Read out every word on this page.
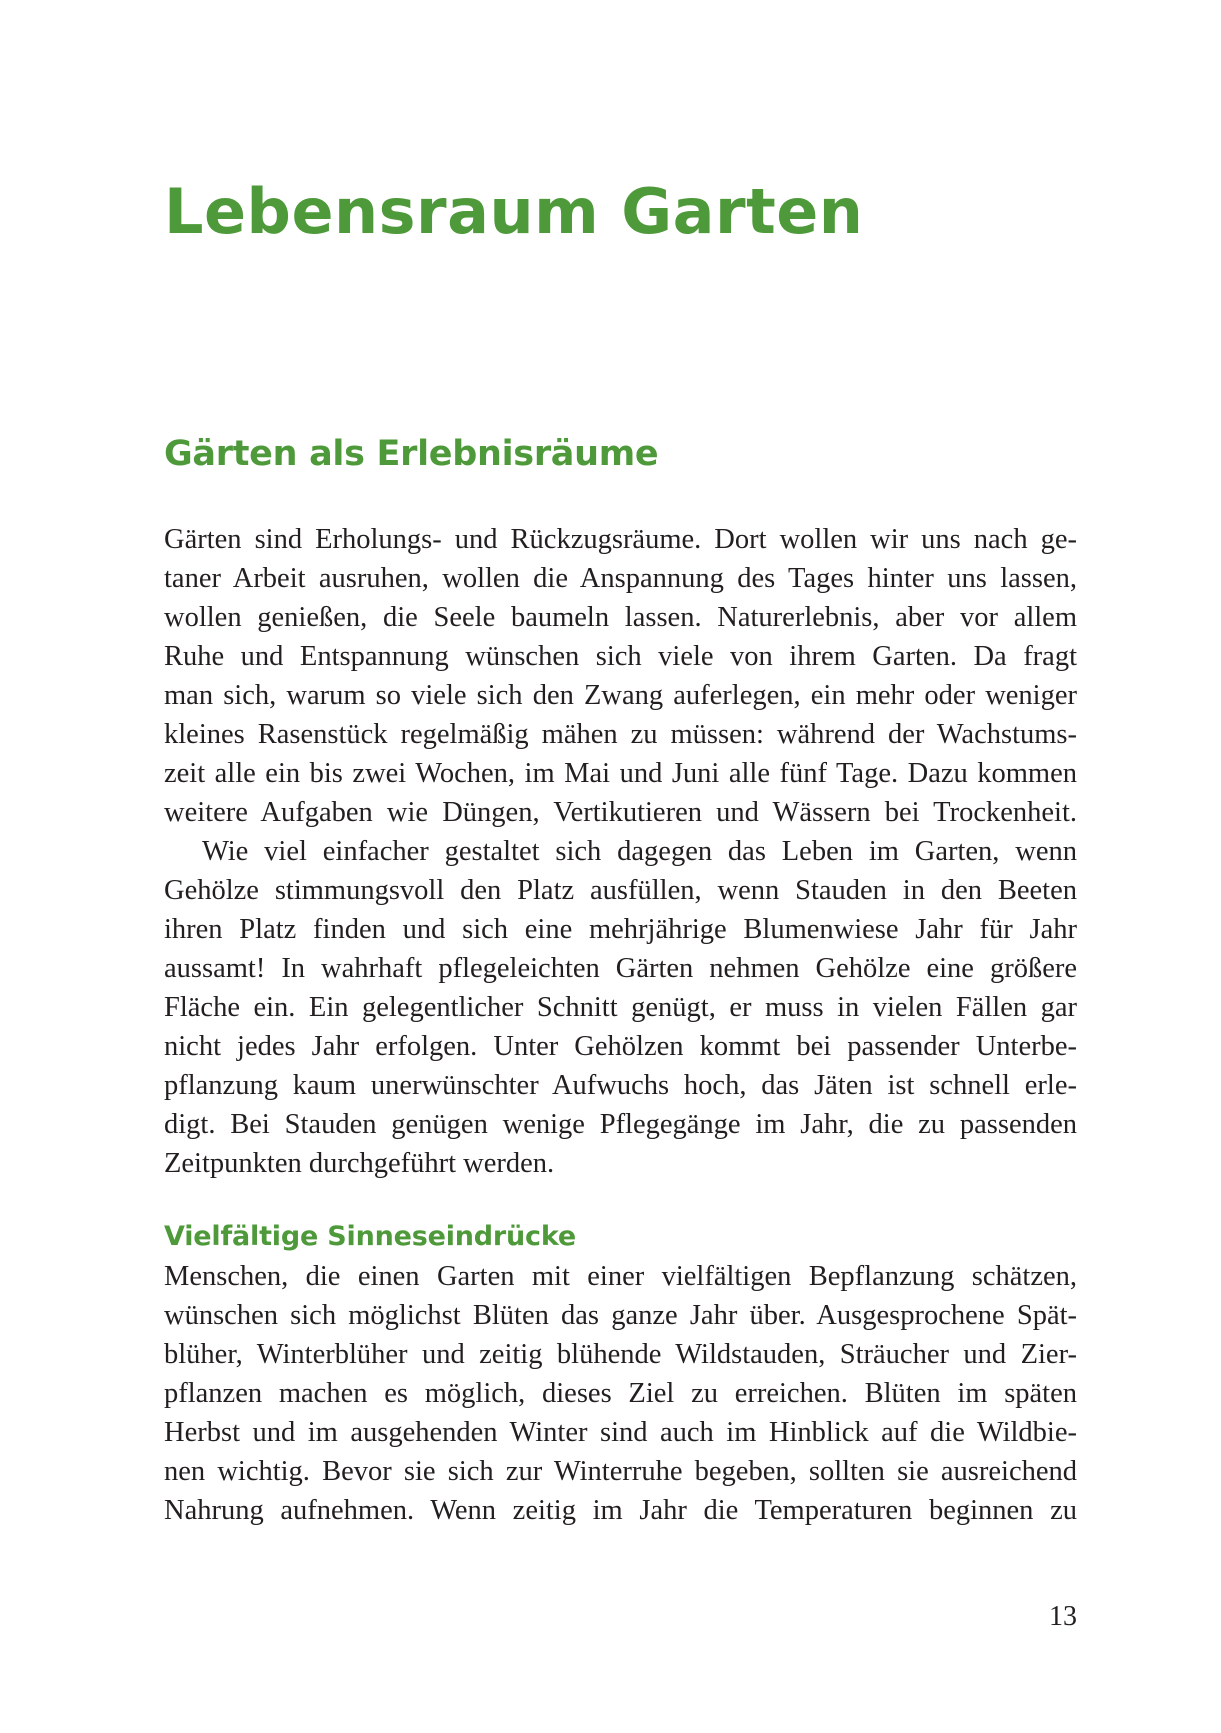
Lebensraum Garten
Gärten als Erlebnisräume

Gärten sind Erholungs- und Rückzugsräume. Dort wollen wir uns nach ge-
taner Arbeit ausruhen, wollen die Anspannung des Tages hinter uns lassen,
wollen genießen, die Seele baumeln lassen. Naturerlebnis, aber vor allem
Ruhe und Entspannung wünschen sich viele von ihrem Garten. Da fragt
man sich, warum so viele sich den Zwang auferlegen, ein mehr oder weniger
kleines Rasenstück regelmäßig mähen zu müssen: während der Wachstums-
zeit alle ein bis zwei Wochen, im Mai und Juni alle fünf Tage. Dazu kommen
weitere Aufgaben wie Düngen, Vertikutieren und Wässern bei Trockenheit.

Wie viel einfacher gestaltet sich dagegen das Leben im Garten, wenn
Gehölze stimmungsvoll den Platz ausfüllen, wenn Stauden in den Beeten
ihren Platz finden und sich eine mehrjährige Blumenwiese Jahr für Jahr
aussamt! In wahrhaft pflegeleichten Gärten nehmen Gehölze eine größere
Fläche ein. Ein gelegentlicher Schnitt genügt, er muss in vielen Fällen gar
nicht jedes Jahr erfolgen. Unter Gehölzen kommt bei passender Unterbe-
pflanzung kaum unerwünschter Aufwuchs hoch, das Jäten ist schnell erle-
digt. Bei Stauden genügen wenige Pflegegänge im Jahr, die zu passenden
Zeitpunkten durchgeführt werden.

Vielfältige Sinneseindrücke

Menschen, die einen Garten mit einer vielfältigen Bepflanzung schätzen,
wünschen sich möglichst Blüten das ganze Jahr über. Ausgesprochene Spät-
blüher, Winterblüher und zeitig blühende Wildstauden, Sträucher und Zier-
pflanzen machen es möglich, dieses Ziel zu erreichen. Blüten im späten
Herbst und im ausgehenden Winter sind auch im Hinblick auf die Wildbie-
nen wichtig. Bevor sie sich zur Winterruhe begeben, sollten sie ausreichend
Nahrung aufnehmen. Wenn zeitig im Jahr die Temperaturen beginnen zu

13
